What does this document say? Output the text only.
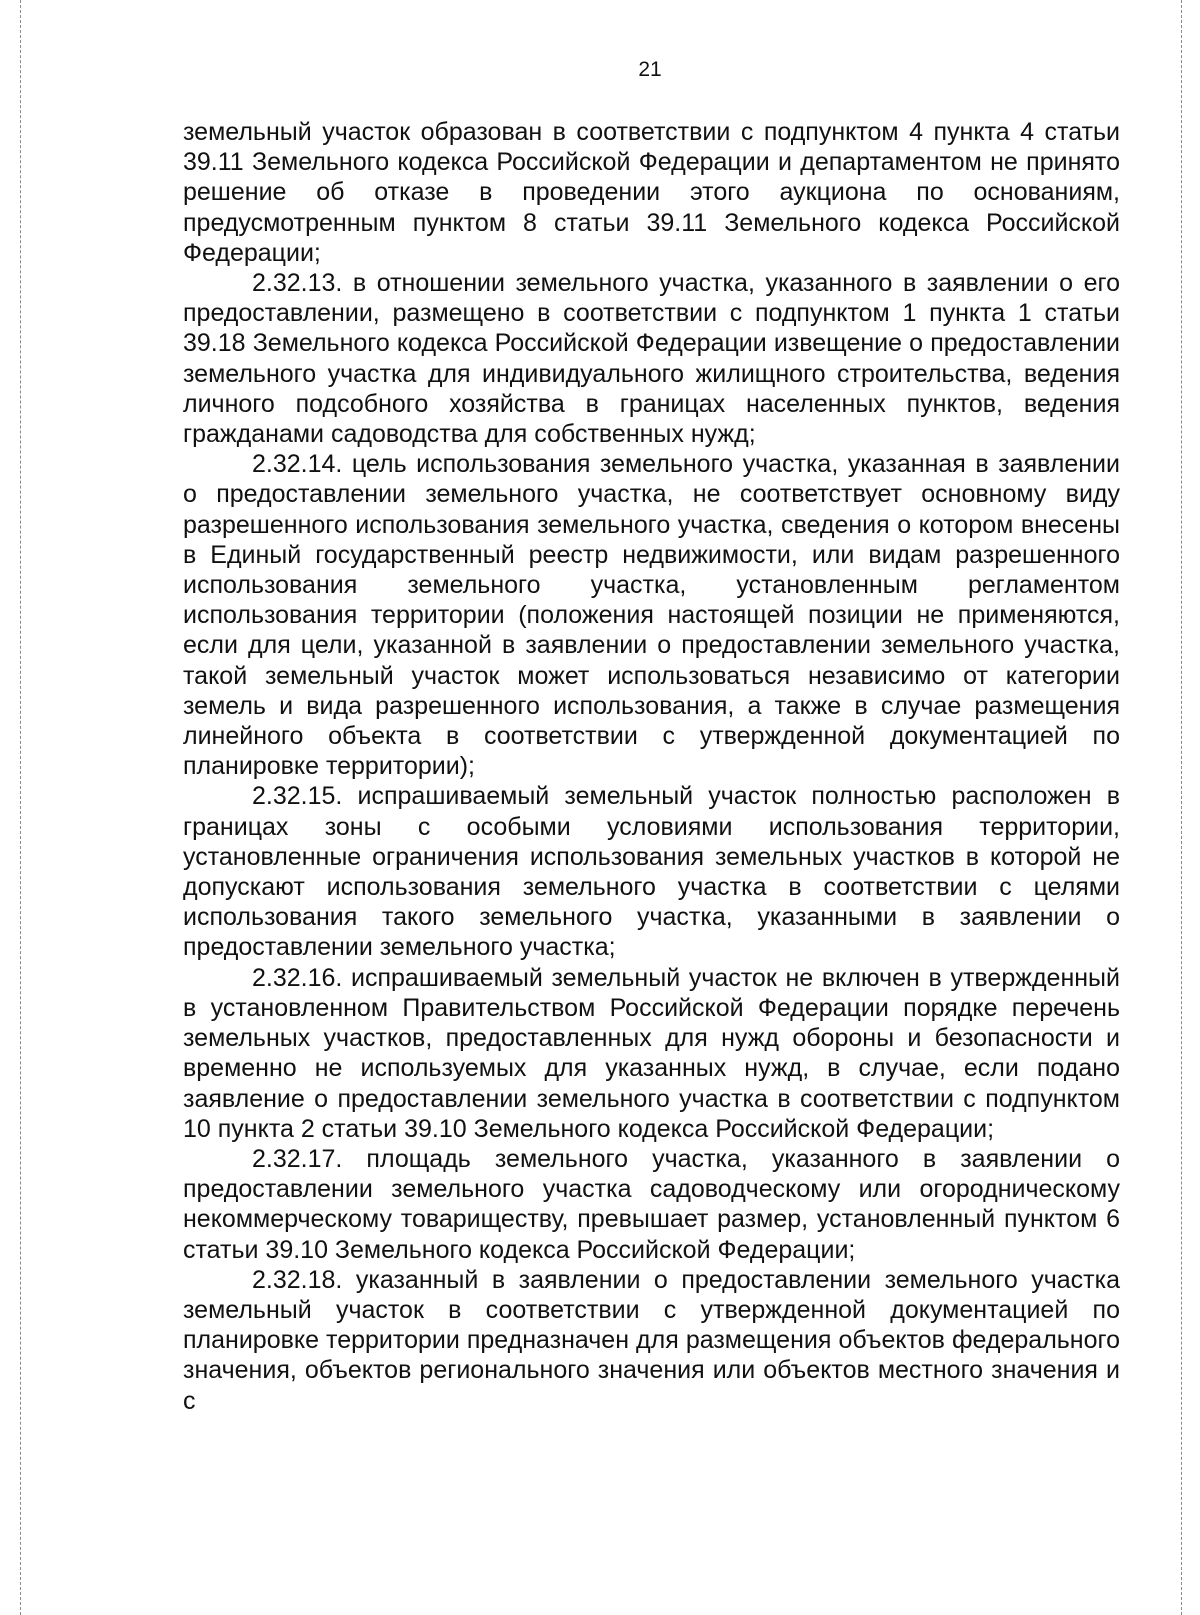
21

земельный участок образован в соответствии с подпунктом 4 пункта 4 статьи 39.11 Земельного кодекса Российской Федерации и департаментом не принято решение об отказе в проведении этого аукциона по основаниям, предусмотренным пунктом 8 статьи 39.11 Земельного кодекса Российской Федерации;

2.32.13. в отношении земельного участка, указанного в заявлении о его предоставлении, размещено в соответствии с подпунктом 1 пункта 1 статьи 39.18 Земельного кодекса Российской Федерации извещение о предоставлении земельного участка для индивидуального жилищного строительства, ведения личного подсобного хозяйства в границах населенных пунктов, ведения гражданами садоводства для собственных нужд;

2.32.14. цель использования земельного участка, указанная в заявлении о предоставлении земельного участка, не соответствует основному виду разрешенного использования земельного участка, сведения о котором внесены в Единый государственный реестр недвижимости, или видам разрешенного использования земельного участка, установленным регламентом использования территории (положения настоящей позиции не применяются, если для цели, указанной в заявлении о предоставлении земельного участка, такой земельный участок может использоваться независимо от категории земель и вида разрешенного использования, а также в случае размещения линейного объекта в соответствии с утвержденной документацией по планировке территории);

2.32.15. испрашиваемый земельный участок полностью расположен в границах зоны с особыми условиями использования территории, установленные ограничения использования земельных участков в которой не допускают использования земельного участка в соответствии с целями использования такого земельного участка, указанными в заявлении о предоставлении земельного участка;

2.32.16. испрашиваемый земельный участок не включен в утвержденный в установленном Правительством Российской Федерации порядке перечень земельных участков, предоставленных для нужд обороны и безопасности и временно не используемых для указанных нужд, в случае, если подано заявление о предоставлении земельного участка в соответствии с подпунктом 10 пункта 2 статьи 39.10 Земельного кодекса Российской Федерации;

2.32.17. площадь земельного участка, указанного в заявлении о предоставлении земельного участка садоводческому или огородническому некоммерческому товариществу, превышает размер, установленный пунктом 6 статьи 39.10 Земельного кодекса Российской Федерации;

2.32.18. указанный в заявлении о предоставлении земельного участка земельный участок в соответствии с утвержденной документацией по планировке территории предназначен для размещения объектов федерального значения, объектов регионального значения или объектов местного значения и с
